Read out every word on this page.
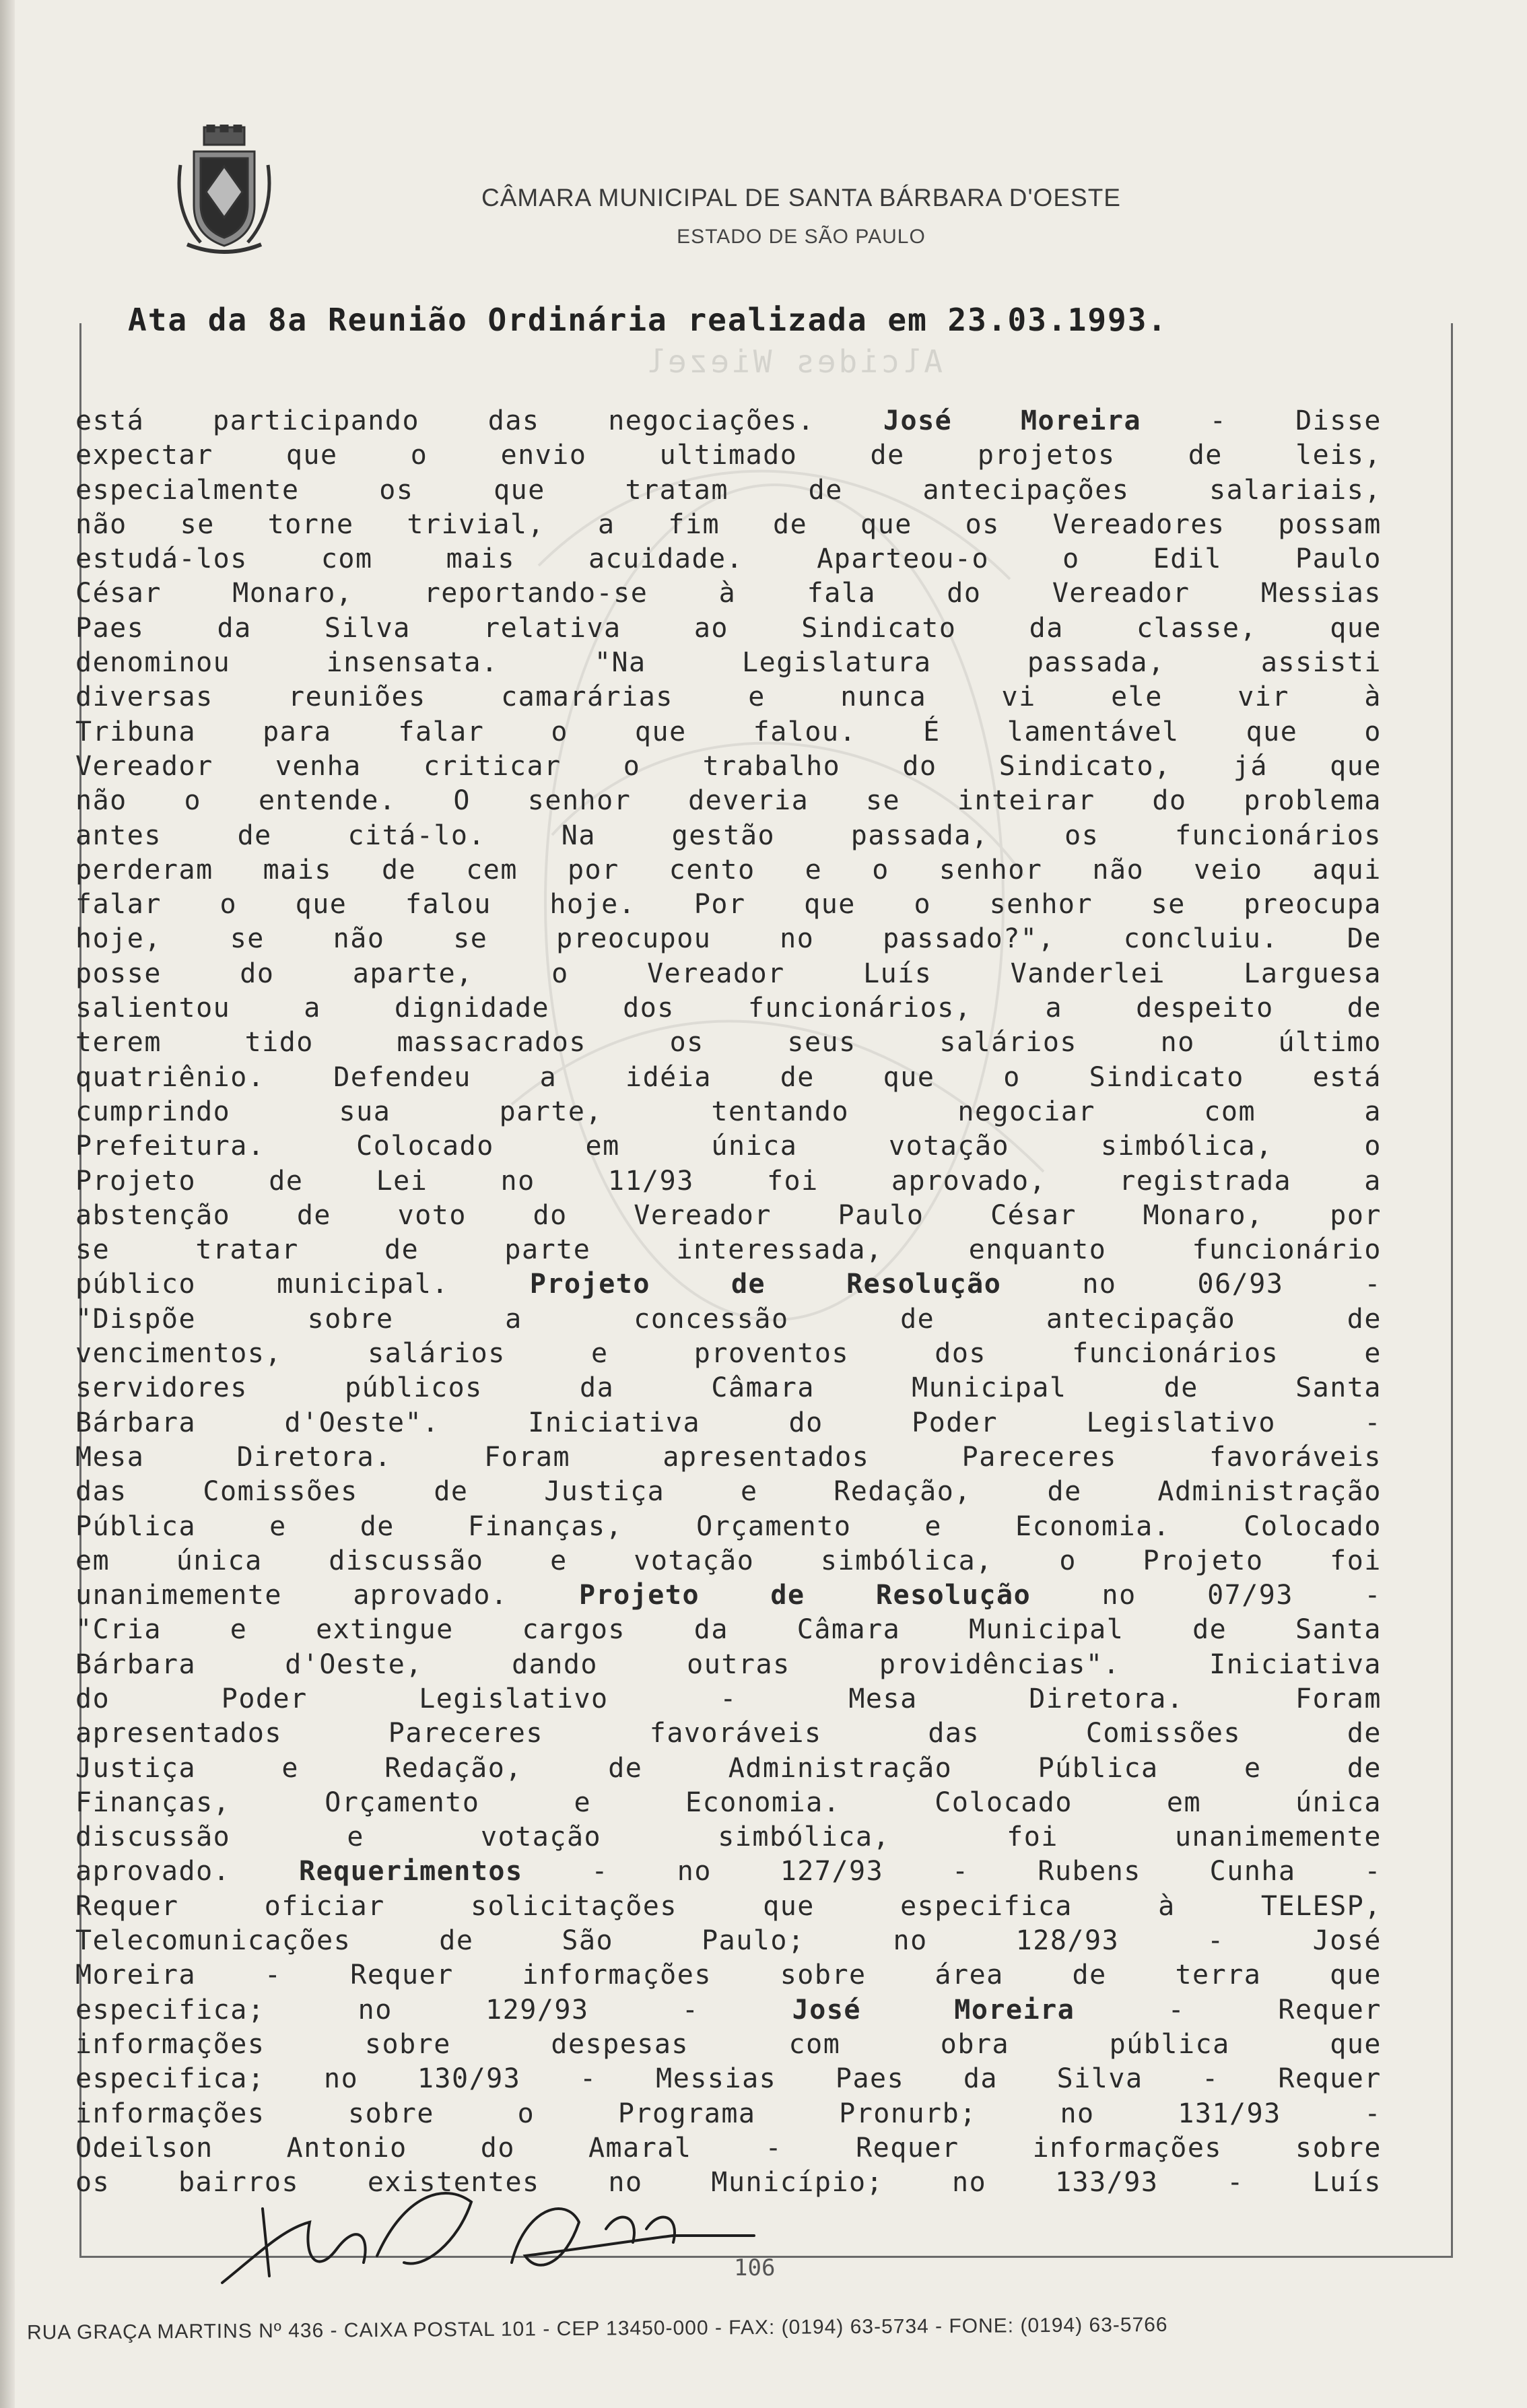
CÂMARA MUNICIPAL DE SANTA BÁRBARA D'OESTE
ESTADO DE SÃO PAULO
Ata da 8a Reunião Ordinária realizada em 23.03.1993.
Alcides Wiezel
está	participando	das	negociações.	José	Moreira	-	Disse
expectar	que	o	envio	ultimado	de	projetos	de	leis,
especialmente	os	que	tratam	de	antecipações	salariais,
não se torne trivial, a fim de que os Vereadores possam
estudá-los	com	mais	acuidade.	Aparteou-o	o	Edil	Paulo
César	Monaro,	reportando-se	à	fala	do	Vereador	Messias
Paes	da	Silva	relativa	ao	Sindicato	da	classe,	que
denominou	insensata.	"Na	Legislatura	passada,	assisti
diversas	reuniões	camarárias	e	nunca	vi	ele	vir	à
Tribuna para falar o que falou. É lamentável que o
Vereador venha criticar o trabalho do Sindicato, já que
não o entende. O senhor deveria se inteirar do problema
antes	de	citá-lo.	Na	gestão	passada,	os	funcionários
perderam mais de cem por cento e o senhor não veio aqui
falar o que falou hoje. Por que o senhor se preocupa
hoje,	se	não	se	preocupou	no	passado?",	concluiu.	De
posse	do	aparte,	o	Vereador	Luís	Vanderlei	Larguesa
salientou	a	dignidade	dos	funcionários,	a	despeito	de
terem	tido	massacrados	os	seus	salários	no	último
quatriênio.	Defendeu	a	idéia	de	que	o	Sindicato	está
cumprindo	sua	parte,	tentando	negociar	com	a
Prefeitura.	Colocado	em	única	votação	simbólica,	o
Projeto	de	Lei	no	11/93	foi	aprovado,	registrada	a
abstenção de voto do Vereador Paulo César Monaro, por
se	tratar	de	parte	interessada,	enquanto	funcionário
público	municipal.	Projeto	de	Resolução	no	06/93	-
"Dispõe	sobre	a	concessão	de	antecipação	de
vencimentos,	salários	e	proventos	dos	funcionários	e
servidores	públicos	da	Câmara	Municipal	de	Santa
Bárbara	d'Oeste".	Iniciativa	do	Poder	Legislativo	-
Mesa	Diretora.	Foram	apresentados	Pareceres	favoráveis
das	Comissões	de	Justiça	e	Redação,	de	Administração
Pública	e	de	Finanças,	Orçamento	e	Economia.	Colocado
em única discussão e votação simbólica, o Projeto foi
unanimemente	aprovado.	Projeto	de	Resolução	no	07/93	-
"Cria	e	extingue	cargos	da	Câmara	Municipal	de	Santa
Bárbara	d'Oeste,	dando	outras	providências".	Iniciativa
do	Poder	Legislativo	-	Mesa	Diretora.	Foram
apresentados	Pareceres	favoráveis	das	Comissões	de
Justiça	e	Redação,	de	Administração	Pública	e	de
Finanças,	Orçamento	e	Economia.	Colocado	em	única
discussão	e	votação	simbólica,	foi	unanimemente
aprovado.	Requerimentos	-	no	127/93	-	Rubens	Cunha	-
Requer	oficiar	solicitações	que	especifica	à	TELESP,
Telecomunicações	de	São	Paulo;	no	128/93	-	José
Moreira	-	Requer	informações	sobre	área	de	terra	que
especifica;	no	129/93	-	José	Moreira	-	Requer
informações	sobre	despesas	com	obra	pública	que
especifica; no 130/93 - Messias Paes da Silva - Requer
informações	sobre	o	Programa	Pronurb;	no	131/93	-
Odeilson	Antonio	do	Amaral	-	Requer	informações	sobre
os	bairros	existentes	no	Município;	no	133/93	-	Luís
106
RUA GRAÇA MARTINS Nº 436 - CAIXA POSTAL 101 - CEP 13450-000 - FAX: (0194) 63-5734 - FONE: (0194) 63-5766
